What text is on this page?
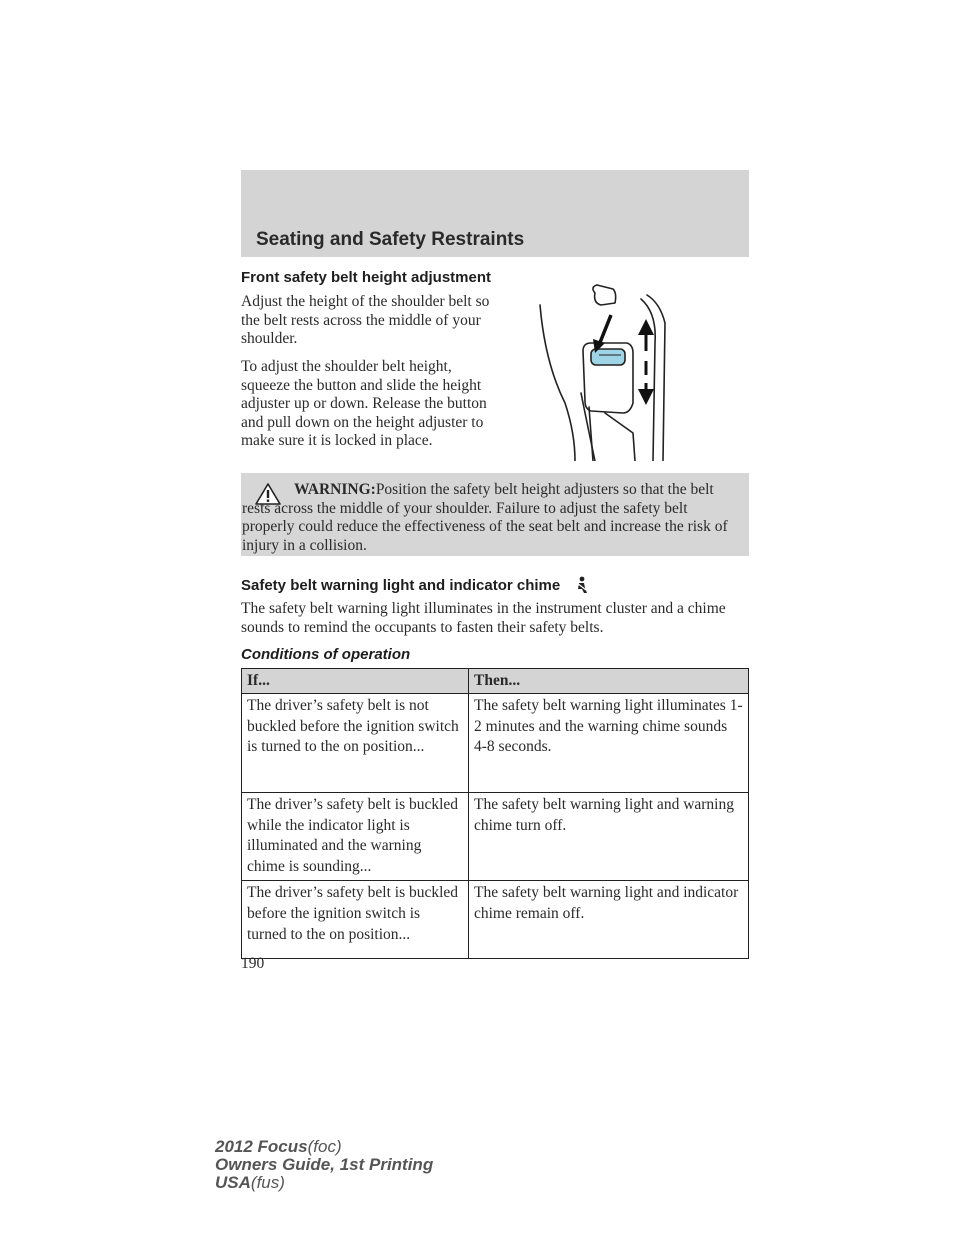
Seating and Safety Restraints
Front safety belt height adjustment

Adjust the height of the shoulder belt so the belt rests across the middle of your shoulder.

To adjust the shoulder belt height, squeeze the button and slide the height adjuster up or down. Release the button and pull down on the height adjuster to make sure it is locked in place.

WARNING:Position the safety belt height adjusters so that the belt rests across the middle of your shoulder. Failure to adjust the safety belt properly could reduce the effectiveness of the seat belt and increase the risk of injury in a collision.

Safety belt warning light and indicator chime

The safety belt warning light illuminates in the instrument cluster and a chime sounds to remind the occupants to fasten their safety belts.

Conditions of operation
If...	Then...
The driver’s safety belt is not buckled before the ignition switch is turned to the on position...	The safety belt warning light illuminates 1-2 minutes and the warning chime sounds 4-8 seconds.
The driver’s safety belt is buckled while the indicator light is illuminated and the warning chime is sounding...	The safety belt warning light and warning chime turn off.
The driver’s safety belt is buckled before the ignition switch is turned to the on position...	The safety belt warning light and indicator chime remain off.
190
2012 Focus(foc)
Owners Guide, 1st Printing
USA(fus)
